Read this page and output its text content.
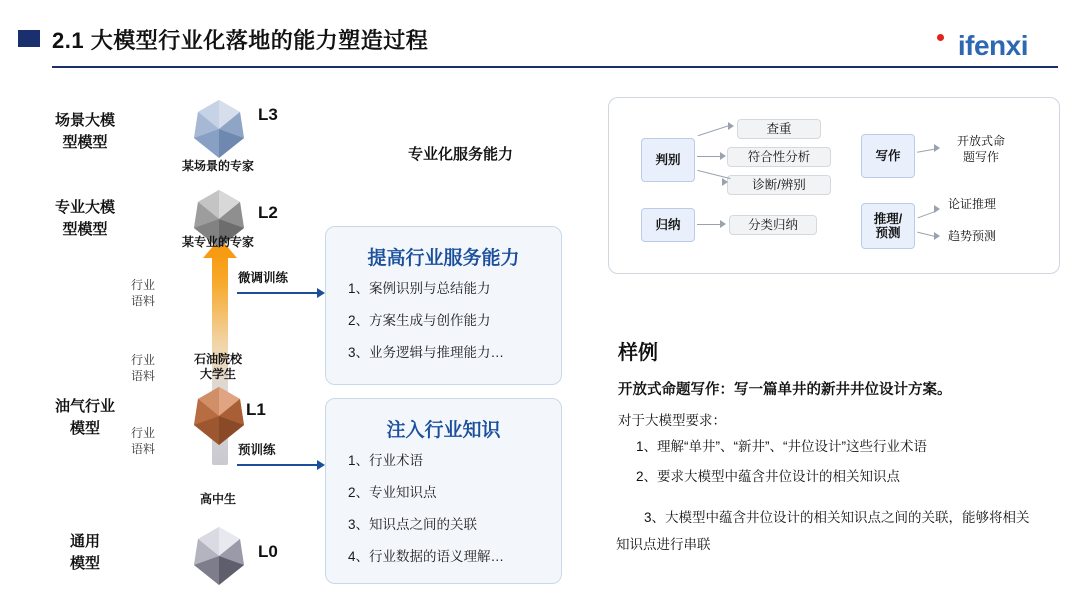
2.1 大模型行业化落地的能力塑造过程	ifenxi
场景大模
型模型
专业大模
型模型
油气行业
模型
通用
模型
行业
语料
行业
语料
行业
语料
某场景的专家
L3
某专业的专家
L2
石油院校
大学生
L1
高中生
L0
专业化服务能力
微调训练
预训练
提高行业服务能力
1、案例识别与总结能力
2、方案生成与创作能力
3、业务逻辑与推理能力…
注入行业知识
1、行业术语
2、专业知识点
3、知识点之间的关联
4、行业数据的语义理解…
判别
查重
符合性分析
诊断/辨别
归纳	分类归纳
写作
开放式命
题写作
推理/
预测
论证推理
趋势预测
样例
开放式命题写作：写一篇单井的新井井位设计方案。
对于大模型要求：
1、理解“单井”、“新井”、“井位设计”这些行业术语
2、要求大模型中蕴含井位设计的相关知识点
3、大模型中蕴含井位设计的相关知识点之间的关联，能够将相关
知识点进行串联
